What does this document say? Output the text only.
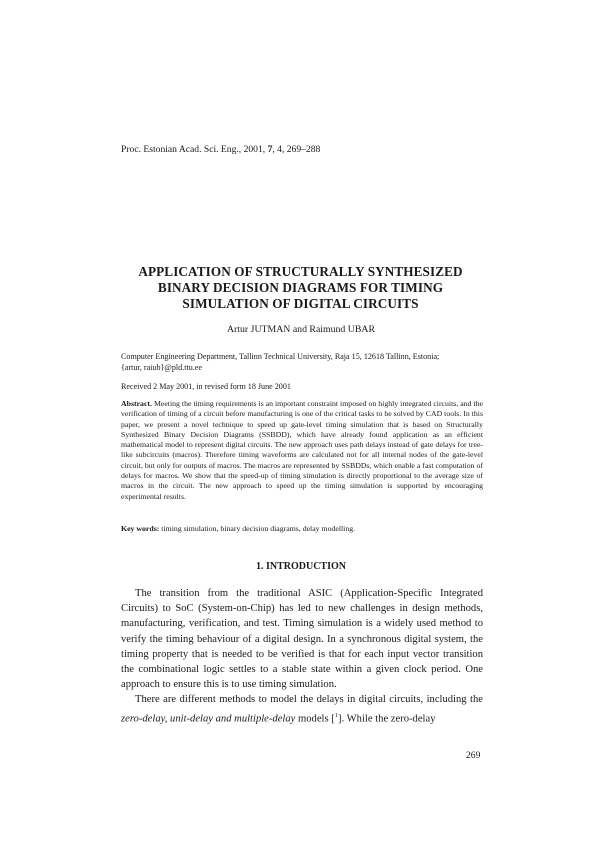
Proc. Estonian Acad. Sci. Eng., 2001, 7, 4, 269–288
APPLICATION OF STRUCTURALLY SYNTHESIZED
BINARY DECISION DIAGRAMS FOR TIMING
SIMULATION OF DIGITAL CIRCUITS
Artur JUTMAN and Raimund UBAR
Computer Engineering Department, Tallinn Technical University, Raja 15, 12618 Tallinn, Estonia;
{artur, raiub}@pld.ttu.ee
Received 2 May 2001, in revised form 18 June 2001
Abstract. Meeting the timing requirements is an important constraint imposed on highly integrated circuits, and the verification of timing of a circuit before manufacturing is one of the critical tasks to be solved by CAD tools. In this paper, we present a novel technique to speed up gate-level timing simulation that is based on Structurally Synthesized Binary Decision Diagrams (SSBDD), which have already found application as an efficient mathematical model to represent digital circuits. The new approach uses path delays instead of gate delays for tree-like subcircuits (macros). Therefore timing waveforms are calculated not for all internal nodes of the gate-level circuit, but only for outputs of macros. The macros are represented by SSBDDs, which enable a fast computation of delays for macros. We show that the speed-up of timing simulation is directly proportional to the average size of macros in the circuit. The new approach to speed up the timing simulation is supported by encouraging experimental results.
Key words: timing simulation, binary decision diagrams, delay modelling.
1. INTRODUCTION

The transition from the traditional ASIC (Application-Specific Integrated Circuits) to SoC (System-on-Chip) has led to new challenges in design methods, manufacturing, verification, and test. Timing simulation is a widely used method to verify the timing behaviour of a digital design. In a synchronous digital system, the timing property that is needed to be verified is that for each input vector transition the combinational logic settles to a stable state within a given clock period. One approach to ensure this is to use timing simulation.

There are different methods to model the delays in digital circuits, including the zero-delay, unit-delay and multiple-delay models [$^1$]. While the zero-delay

269
